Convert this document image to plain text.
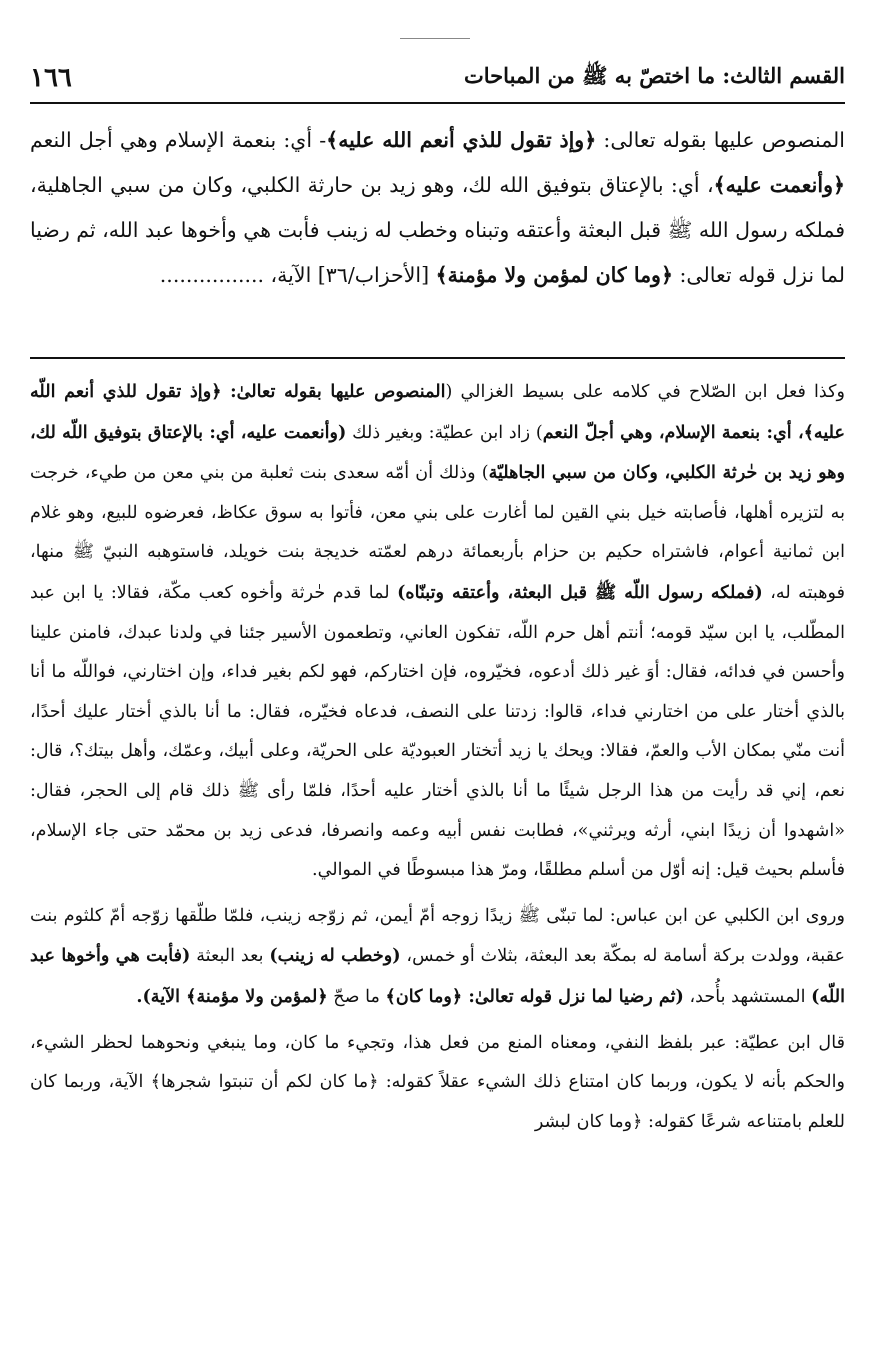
القسم الثالث: ما اختصّ به ﷺ من المباحات
١٦٦

المنصوص عليها بقوله تعالى: ﴿ وإذ تقول للذي أنعم الله عليه ﴾- أي: بنعمة الإسلام وهي أجل النعم ﴿ وأنعمت عليه ﴾، أي: بالإعتاق بتوفيق الله لك، وهو زيد بن حارثة الكلبي، وكان من سبي الجاهلية، فملكه رسول الله ﷺ قبل البعثة وأعتقه وتبناه وخطب له زينب فأبت هي وأخوها عبد الله، ثم رضيا لما نزل قوله تعالى: ﴿ وما كان لمؤمن ولا مؤمنة ﴾ [الأحزاب/٣٦] الآية، ................

وكذا فعل ابن الصّلاح في كلامه على بسيط الغزالي (المنصوص عليها بقوله تعالىٰ: ﴿وإذ تقول للذي أنعم اللّه عليه﴾، أي: بنعمة الإسلام، وهي أجلّ النعم) زاد ابن عطيّة: وبغير ذلك (وأنعمت عليه، أي: بالإعتاق بتوفيق اللّه لك، وهو زيد بن حٰرثة الكلبي، وكان من سبي الجاهليّة) وذلك أن أمّه سعدى بنت ثعلبة من بني معن من طيء، خرجت به لتزيره أهلها، فأصابته خيل بني القين لما أغارت على بني معن، فأتوا به سوق عكاظ، فعرضوه للبيع، وهو غلام ابن ثمانية أعوام، فاشتراه حكيم بن حزام بأربعمائة درهم لعمّته خديجة بنت خويلد، فاستوهبه النبيّ ﷺ منها، فوهبته له، (فملكه رسول اللّه ﷺ قبل البعثة، وأعتقه وتبنّاه) لما قدم حٰرثة وأخوه كعب مكّة، فقالا: يا ابن عبد المطّلب، يا ابن سيّد قومه؛ أنتم أهل حرم اللّه، تفكون العاني، وتطعمون الأسير جئنا في ولدنا عبدك، فامنن علينا وأحسن في فدائه، فقال: أوَ غير ذلك أدعوه، فخيّروه، فإن اختاركم، فهو لكم بغير فداء، وإن اختارني، فواللّه ما أنا بالذي أختار على من اختارني فداء، قالوا: زدتنا على النصف، فدعاه فخيّره، فقال: ما أنا بالذي أختار عليك أحدًا، أنت منّي بمكان الأب والعمّ، فقالا: ويحك يا زيد أتختار العبوديّة على الحريّة، وعلى أبيك، وعمّك، وأهل بيتك؟، قال: نعم، إني قد رأيت من هذا الرجل شيئًا ما أنا بالذي أختار عليه أحدًا، فلمّا رأى ﷺ ذلك قام إلى الحجر، فقال: «اشهدوا أن زيدًا ابني، أرثه ويرثني»، فطابت نفس أبيه وعمه وانصرفا، فدعى زيد بن محمّد حتى جاء الإسلام، فأسلم بحيث قيل: إنه أوّل من أسلم مطلقًا، ومرّ هذا مبسوطًا في الموالي.

وروى ابن الكلبي عن ابن عباس: لما تبنّى ﷺ زيدًا زوجه أمّ أيمن، ثم زوّجه زينب، فلمّا طلّقها زوّجه أمّ كلثوم بنت عقبة، وولدت بركة أسامة له بمكّة بعد البعثة، بثلاث أو خمس، (وخطب له زينب) بعد البعثة (فأبت هي وأخوها عبد اللّه) المستشهد بأُحد، (ثم رضيا لما نزل قوله تعالىٰ: ﴿وما كان﴾ ما صحّ ﴿لمؤمن ولا مؤمنة﴾ الآية).

قال ابن عطيّة: عبر بلفظ النفي، ومعناه المنع من فعل هذا، وتجيء ما كان، وما ينبغي ونحوهما لحظر الشيء، والحكم بأنه لا يكون، وربما كان امتناع ذلك الشيء عقلاً كقوله: ﴿ما كان لكم أن تنبتوا شجرها﴾ الآية، وربما كان للعلم بامتناعه شرعًا كقوله: ﴿وما كان لبشر
